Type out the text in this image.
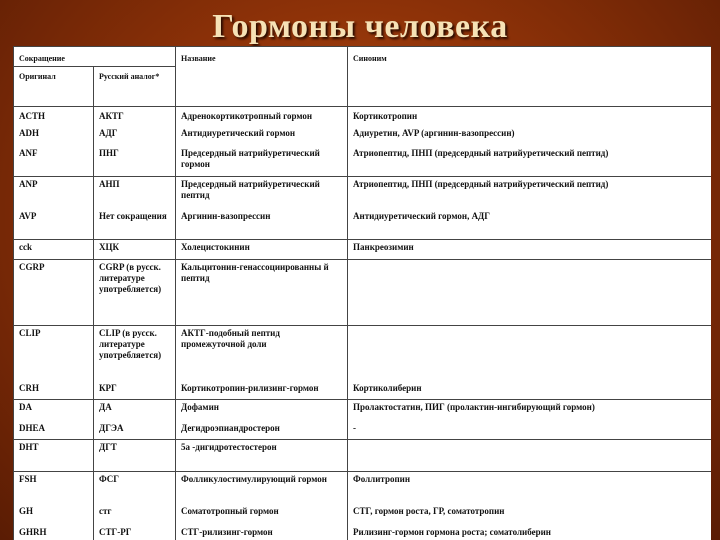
Гормоны человека
Сокращение		Название	Синоним
Оригинал	Русский аналог*		
ACTH	АКТГ	Адренокортикотропный гормон	Кортикотропин
ADH	АДГ	Антидиуретический гормон	Адиуретин, AVP (аргинин-вазопрессин)
ANF	ПНГ	Предсердный натрийуретический гормон	Атриопептид, ПНП (предсердный натрийуретический пептид)
ANP	АНП	Предсердный натрийуретический пептид	Атриопептид, ПНП (предсердный натрийуретический пептид)
AVP	Нет сокращения	Аргинин-вазопрессин	Антидиуретический гормон, АДГ
cck	ХЦК	Холецистокинин	Панкреозимин
CGRP	CGRP (в русск. литературе употребляется)	Кальцитонин-генассоциированны й пептид	
CLIP	CLIP (в русск. литературе употребляется)	АКТГ-подобный пептид промежуточной доли	
CRH	КРГ	Кортикотропин-рилизинг-гормон	Кортиколиберин
DA	ДА	Дофамин	Пролактостатин, ПИГ (пролактин-ингибирующий гормон)
DHEA	ДГЭА	Дегидроэпиандростерон	-
DHT	ДГТ	5а -дигидротестостерон	
FSH	ФСГ	Фолликулостимулирующий гормон	Фоллитропин
GH	стг	Соматотропный гормон	СТГ, гормон роста, ГР, соматотропин
GHRH	СТГ-РГ	СТГ-рилизинг-гормон	Рилизинг-гормон гормона роста; соматолиберин
